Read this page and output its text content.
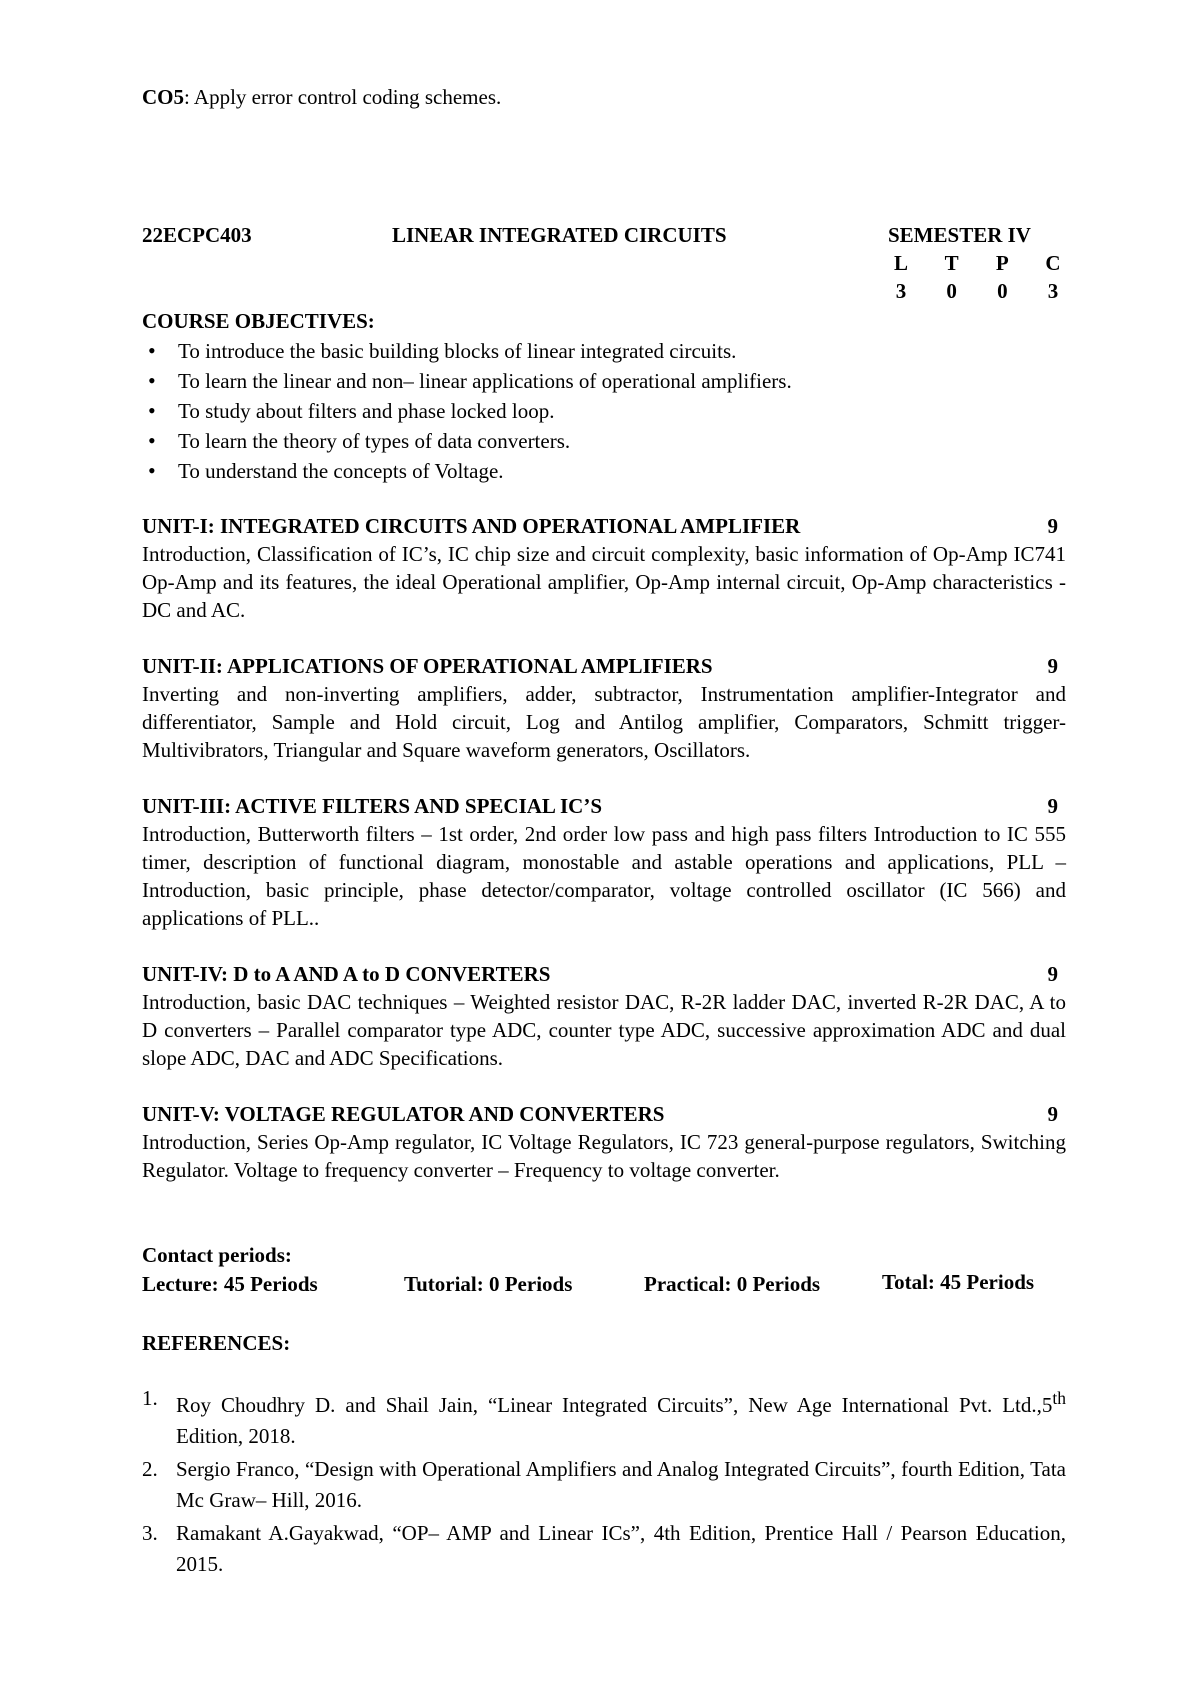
CO5: Apply error control coding schemes.
22ECPC403	LINEAR INTEGRATED CIRCUITS	SEMESTER IV
L T P C
3 0 0 3
COURSE OBJECTIVES:
• To introduce the basic building blocks of linear integrated circuits.
• To learn the linear and non– linear applications of operational amplifiers.
• To study about filters and phase locked loop.
• To learn the theory of types of data converters.
• To understand the concepts of Voltage.
UNIT-I: INTEGRATED CIRCUITS AND OPERATIONAL AMPLIFIER	9
Introduction, Classification of IC’s, IC chip size and circuit complexity, basic information of Op-Amp IC741 Op-Amp and its features, the ideal Operational amplifier, Op-Amp internal circuit, Op-Amp characteristics - DC and AC.
UNIT-II: APPLICATIONS OF OPERATIONAL AMPLIFIERS	9
Inverting and non-inverting amplifiers, adder, subtractor, Instrumentation amplifier-Integrator and differentiator, Sample and Hold circuit, Log and Antilog amplifier, Comparators, Schmitt trigger- Multivibrators, Triangular and Square waveform generators, Oscillators.
UNIT-III: ACTIVE FILTERS AND SPECIAL IC’S	9
Introduction, Butterworth filters – 1st order, 2nd order low pass and high pass filters Introduction to IC 555 timer, description of functional diagram, monostable and astable operations and applications, PLL – Introduction, basic principle, phase detector/comparator, voltage controlled oscillator (IC 566) and applications of PLL..
UNIT-IV: D to A AND A to D CONVERTERS	9
Introduction, basic DAC techniques – Weighted resistor DAC, R-2R ladder DAC, inverted R-2R DAC, A to D converters – Parallel comparator type ADC, counter type ADC, successive approximation ADC and dual slope ADC, DAC and ADC Specifications.
UNIT-V: VOLTAGE REGULATOR AND CONVERTERS	9
Introduction, Series Op-Amp regulator, IC Voltage Regulators, IC 723 general-purpose regulators, Switching Regulator. Voltage to frequency converter – Frequency to voltage converter.
Contact periods:
Lecture: 45 Periods	Tutorial: 0 Periods	Practical: 0 Periods	Total: 45 Periods
REFERENCES:
1. Roy Choudhry D. and Shail Jain, “Linear Integrated Circuits”, New Age International Pvt. Ltd.,5th Edition, 2018.
2. Sergio Franco, “Design with Operational Amplifiers and Analog Integrated Circuits”, fourth Edition, Tata Mc Graw– Hill, 2016.
3. Ramakant A.Gayakwad, “OP– AMP and Linear ICs”, 4th Edition, Prentice Hall / Pearson Education, 2015.
